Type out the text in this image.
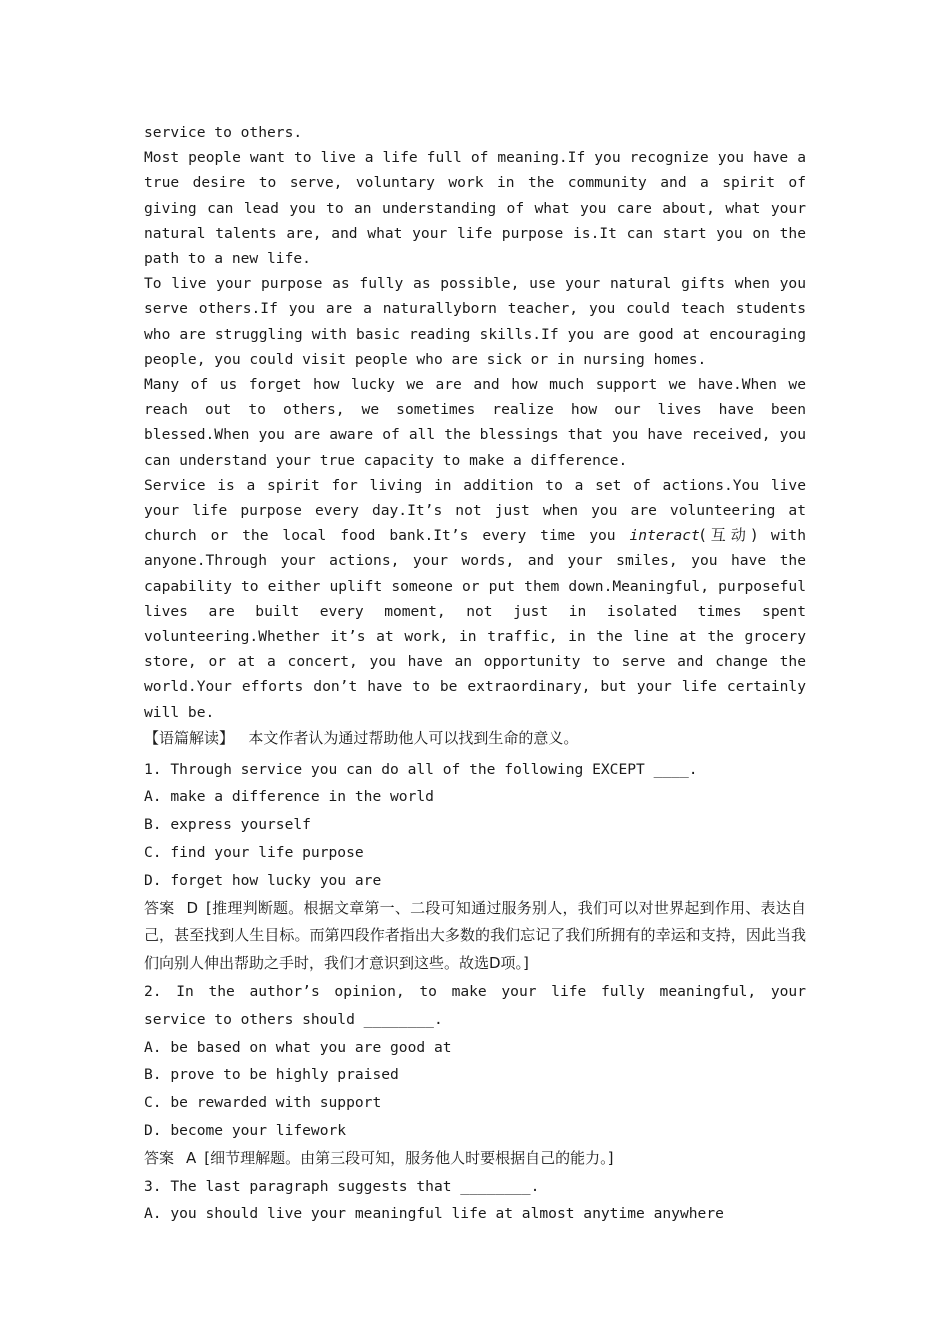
service to others.

Most people want to live a life full of meaning.If you recognize you have a true desire to serve, voluntary work in the community and a spirit of giving can lead you to an understanding of what you care about, what your natural talents are, and what your life purpose is.It can start you on the path to a new life.

To live your purpose as fully as possible, use your natural gifts when you serve others.If you are a naturallyborn teacher, you could teach students who are struggling with basic reading skills.If you are good at encouraging people, you could visit people who are sick or in nursing homes.

Many of us forget how lucky we are and how much support we have.When we reach out to others, we sometimes realize how our lives have been blessed.When you are aware of all the blessings that you have received, you can understand your true capacity to make a difference.

Service is a spirit for living in addition to a set of actions.You live your life purpose every day.It’s not just when you are volunteering at church or the local food bank.It’s every time you interact(互动) with anyone.Through your actions, your words, and your smiles, you have the capability to either uplift someone or put them down.Meaningful, purposeful lives are built every moment, not just in isolated times spent volunteering.Whether it’s at work, in traffic, in the line at the grocery store, or at a concert, you have an opportunity to serve and change the world.Your efforts don’t have to be extraordinary, but your life certainly will be.

【语篇解读】 本文作者认为通过帮助他人可以找到生命的意义。

1. Through service you can do all of the following EXCEPT ____.

A. make a difference in the world

B. express yourself

C. find your life purpose

D. forget how lucky you are

答案 D [推理判断题。根据文章第一、二段可知通过服务别人，我们可以对世界起到作用、表达自己，甚至找到人生目标。而第四段作者指出大多数的我们忘记了我们所拥有的幸运和支持，因此当我们向别人伸出帮助之手时，我们才意识到这些。故选D项。]

2. In the author’s opinion, to make your life fully meaningful, your service to others should ________.

A. be based on what you are good at

B. prove to be highly praised

C. be rewarded with support

D. become your lifework

答案 A [细节理解题。由第三段可知，服务他人时要根据自己的能力。]

3. The last paragraph suggests that ________.

A. you should live your meaningful life at almost anytime anywhere
